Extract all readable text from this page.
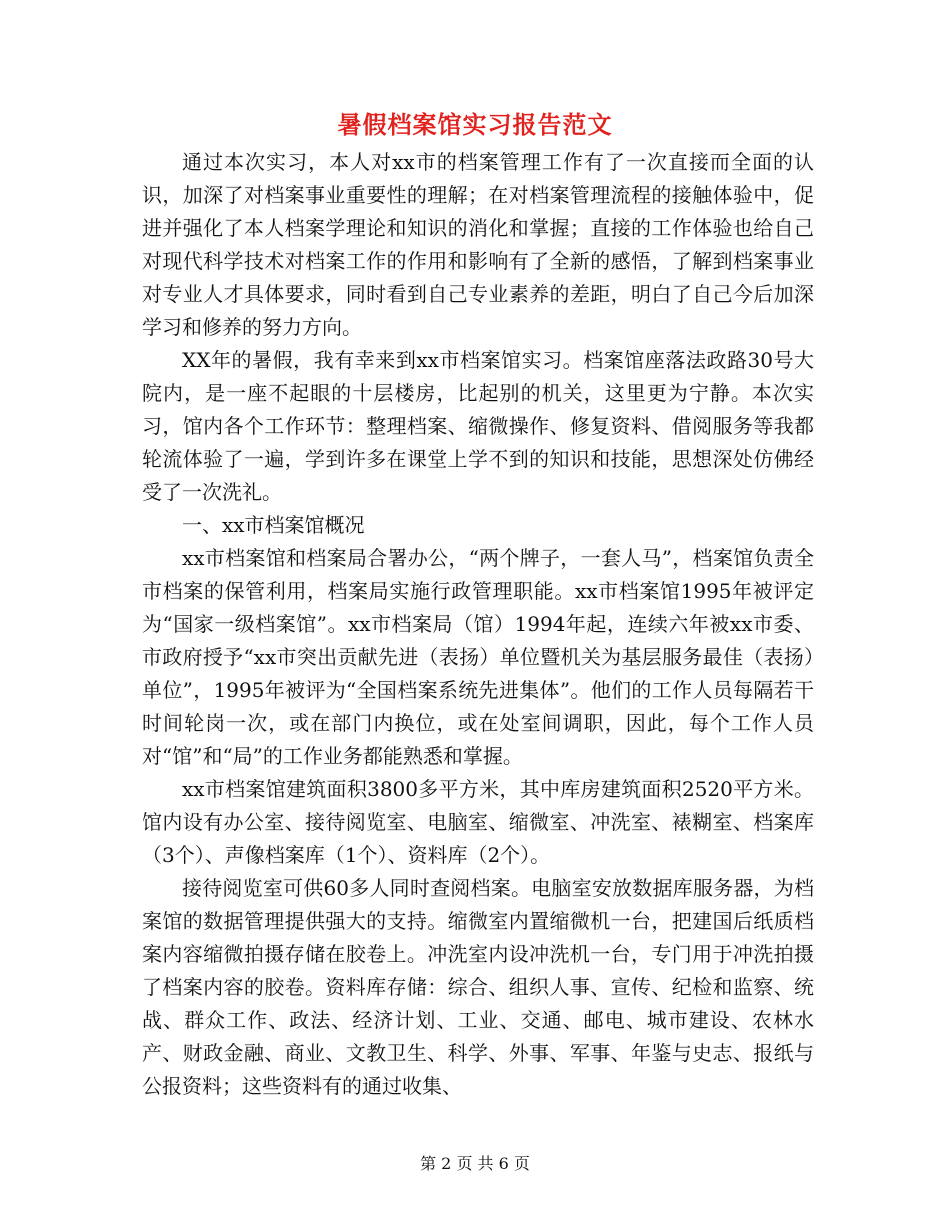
暑假档案馆实习报告范文

通过本次实习，本人对xx市的档案管理工作有了一次直接而全面的认识，加深了对档案事业重要性的理解；在对档案管理流程的接触体验中，促进并强化了本人档案学理论和知识的消化和掌握；直接的工作体验也给自己对现代科学技术对档案工作的作用和影响有了全新的感悟，了解到档案事业对专业人才具体要求，同时看到自己专业素养的差距，明白了自己今后加深学习和修养的努力方向。

XX年的暑假，我有幸来到xx市档案馆实习。档案馆座落法政路30号大院内，是一座不起眼的十层楼房，比起别的机关，这里更为宁静。本次实习，馆内各个工作环节：整理档案、缩微操作、修复资料、借阅服务等我都轮流体验了一遍，学到许多在课堂上学不到的知识和技能，思想深处仿佛经受了一次洗礼。

一、xx市档案馆概况

xx市档案馆和档案局合署办公，“两个牌子，一套人马”，档案馆负责全市档案的保管利用，档案局实施行政管理职能。xx市档案馆1995年被评定为“国家一级档案馆”。xx市档案局（馆）1994年起，连续六年被xx市委、市政府授予“xx市突出贡献先进（表扬）单位暨机关为基层服务最佳（表扬）单位”，1995年被评为“全国档案系统先进集体”。他们的工作人员每隔若干时间轮岗一次，或在部门内换位，或在处室间调职，因此，每个工作人员对“馆”和“局”的工作业务都能熟悉和掌握。

xx市档案馆建筑面积3800多平方米，其中库房建筑面积2520平方米。馆内设有办公室、接待阅览室、电脑室、缩微室、冲洗室、裱糊室、档案库（3个）、声像档案库（1个）、资料库（2个）。

接待阅览室可供60多人同时查阅档案。电脑室安放数据库服务器，为档案馆的数据管理提供强大的支持。缩微室内置缩微机一台，把建国后纸质档案内容缩微拍摄存储在胶卷上。冲洗室内设冲洗机一台，专门用于冲洗拍摄了档案内容的胶卷。资料库存储：综合、组织人事、宣传、纪检和监察、统战、群众工作、政法、经济计划、工业、交通、邮电、城市建设、农林水产、财政金融、商业、文教卫生、科学、外事、军事、年鉴与史志、报纸与公报资料；这些资料有的通过收集、

第 2 页 共 6 页
